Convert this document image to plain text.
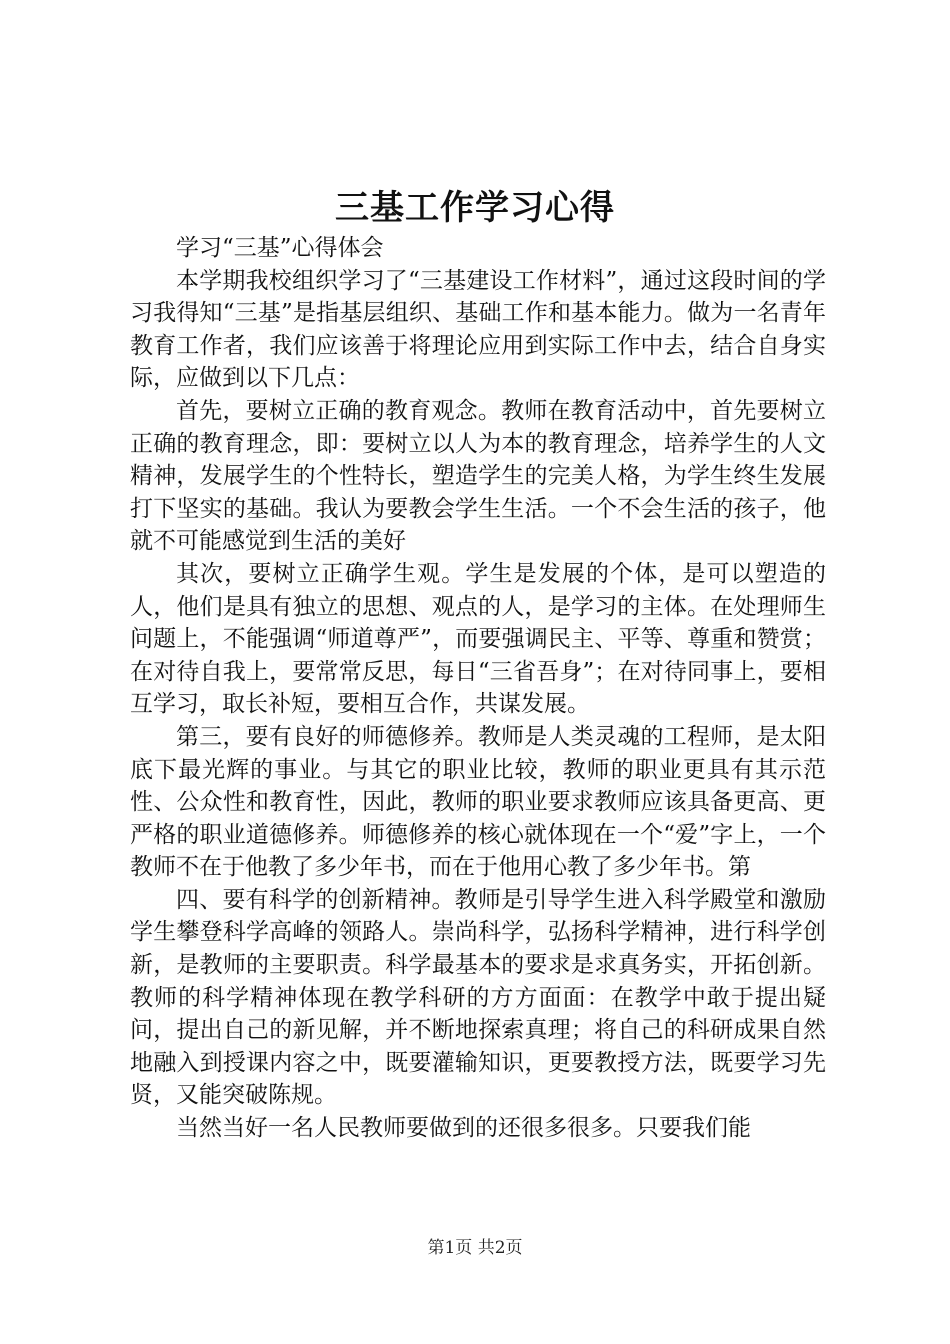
三基工作学习心得

学习“三基”心得体会

本学期我校组织学习了“三基建设工作材料”，通过这段时间的学习我得知“三基”是指基层组织、基础工作和基本能力。做为一名青年教育工作者，我们应该善于将理论应用到实际工作中去，结合自身实际，应做到以下几点：

首先，要树立正确的教育观念。教师在教育活动中，首先要树立正确的教育理念，即：要树立以人为本的教育理念，培养学生的人文精神，发展学生的个性特长，塑造学生的完美人格，为学生终生发展打下坚实的基础。我认为要教会学生生活。一个不会生活的孩子，他就不可能感觉到生活的美好

其次，要树立正确学生观。学生是发展的个体，是可以塑造的人，他们是具有独立的思想、观点的人，是学习的主体。在处理师生问题上，不能强调“师道尊严”，而要强调民主、平等、尊重和赞赏；在对待自我上，要常常反思，每日“三省吾身”；在对待同事上，要相互学习，取长补短，要相互合作，共谋发展。

第三，要有良好的师德修养。教师是人类灵魂的工程师，是太阳底下最光辉的事业。与其它的职业比较，教师的职业更具有其示范性、公众性和教育性，因此，教师的职业要求教师应该具备更高、更严格的职业道德修养。师德修养的核心就体现在一个“爱”字上，一个教师不在于他教了多少年书，而在于他用心教了多少年书。第

四、要有科学的创新精神。教师是引导学生进入科学殿堂和激励学生攀登科学高峰的领路人。崇尚科学，弘扬科学精神，进行科学创新，是教师的主要职责。科学最基本的要求是求真务实，开拓创新。教师的科学精神体现在教学科研的方方面面：在教学中敢于提出疑问，提出自己的新见解，并不断地探索真理；将自己的科研成果自然地融入到授课内容之中，既要灌输知识，更要教授方法，既要学习先贤，又能突破陈规。

当然当好一名人民教师要做到的还很多很多。只要我们能

第1页 共2页
